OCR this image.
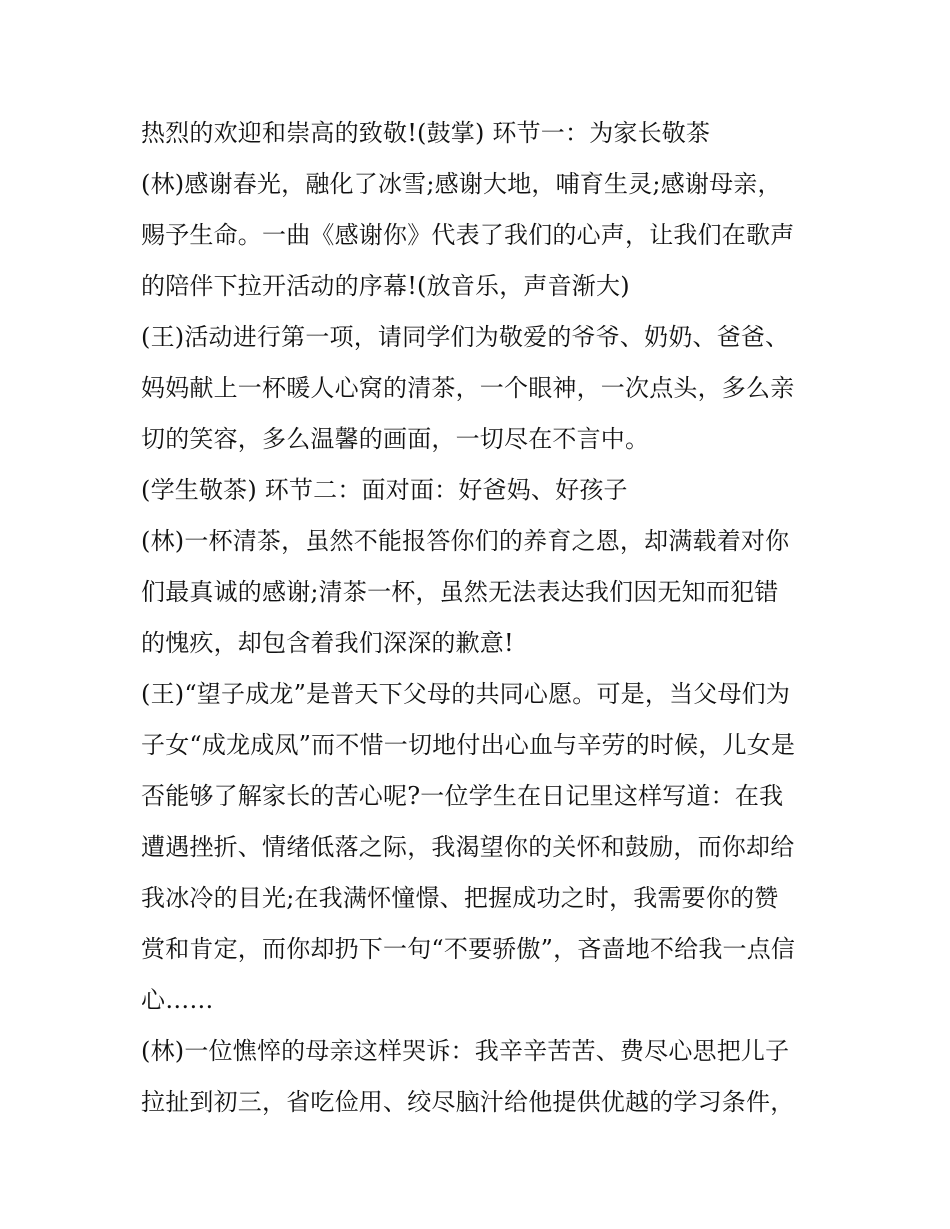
热烈的欢迎和崇高的致敬!(鼓掌) 环节一：为家长敬茶
(林)感谢春光，融化了冰雪;感谢大地，哺育生灵;感谢母亲，
赐予生命。一曲《感谢你》代表了我们的心声，让我们在歌声
的陪伴下拉开活动的序幕!(放音乐，声音渐大)
(王)活动进行第一项，请同学们为敬爱的爷爷、奶奶、爸爸、
妈妈献上一杯暖人心窝的清茶，一个眼神，一次点头，多么亲
切的笑容，多么温馨的画面，一切尽在不言中。
(学生敬茶) 环节二：面对面：好爸妈、好孩子
(林)一杯清茶，虽然不能报答你们的养育之恩，却满载着对你
们最真诚的感谢;清茶一杯，虽然无法表达我们因无知而犯错
的愧疚，却包含着我们深深的歉意!
(王)“望子成龙”是普天下父母的共同心愿。可是，当父母们为
子女“成龙成凤”而不惜一切地付出心血与辛劳的时候，儿女是
否能够了解家长的苦心呢?一位学生在日记里这样写道：在我
遭遇挫折、情绪低落之际，我渴望你的关怀和鼓励，而你却给
我冰冷的目光;在我满怀憧憬、把握成功之时，我需要你的赞
赏和肯定，而你却扔下一句“不要骄傲”，吝啬地不给我一点信
心……
(林)一位憔悴的母亲这样哭诉：我辛辛苦苦、费尽心思把儿子
拉扯到初三，省吃俭用、绞尽脑汁给他提供优越的学习条件，
